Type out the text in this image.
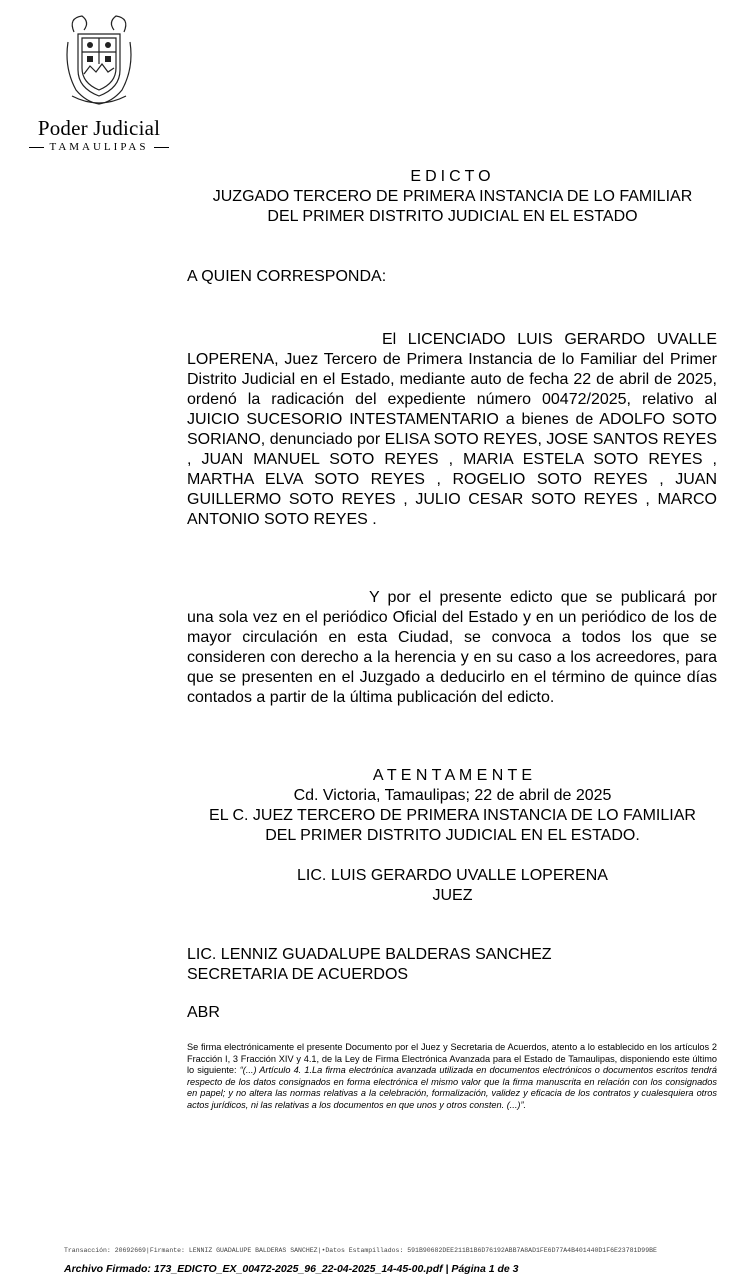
Poder Judicial
TAMAULIPAS
EDICTO
JUZGADO TERCERO DE PRIMERA INSTANCIA DE LO FAMILIAR
DEL PRIMER DISTRITO JUDICIAL EN EL ESTADO
A QUIEN CORRESPONDA:
El LICENCIADO LUIS GERARDO UVALLE LOPERENA, Juez Tercero de Primera Instancia de lo Familiar del Primer Distrito Judicial en el Estado, mediante auto de fecha 22 de abril de 2025, ordenó la radicación del expediente número 00472/2025, relativo al JUICIO SUCESORIO INTESTAMENTARIO a bienes de ADOLFO SOTO SORIANO, denunciado por ELISA SOTO REYES, JOSE SANTOS REYES , JUAN MANUEL SOTO REYES , MARIA ESTELA SOTO REYES , MARTHA ELVA SOTO REYES , ROGELIO SOTO REYES , JUAN GUILLERMO SOTO REYES , JULIO CESAR SOTO REYES , MARCO ANTONIO SOTO REYES .
Y por el presente edicto que se publicará por una sola vez en el periódico Oficial del Estado y en un periódico de los de mayor circulación en esta Ciudad, se convoca a todos los que se consideren con derecho a la herencia y en su caso a los acreedores, para que se presenten en el Juzgado a deducirlo en el término de quince días contados a partir de la última publicación del edicto.
A T E N T A M E N T E
Cd. Victoria, Tamaulipas; 22 de abril de 2025
EL C. JUEZ TERCERO DE PRIMERA INSTANCIA DE LO FAMILIAR
DEL PRIMER DISTRITO JUDICIAL EN EL ESTADO.
LIC. LUIS GERARDO UVALLE LOPERENA
JUEZ
LIC. LENNIZ GUADALUPE BALDERAS SANCHEZ
SECRETARIA DE ACUERDOS
ABR
Se firma electrónicamente el presente Documento por el Juez y Secretaria de Acuerdos, atento a lo establecido en los artículos 2 Fracción I, 3 Fracción XIV y 4.1, de la Ley de Firma Electrónica Avanzada para el Estado de Tamaulipas, disponiendo este último lo siguiente: “(...) Artículo 4. 1.La firma electrónica avanzada utilizada en documentos electrónicos o documentos escritos tendrá respecto de los datos consignados en forma electrónica el mismo valor que la firma manuscrita en relación con los consignados en papel; y no altera las normas relativas a la celebración, formalización, validez y eficacia de los contratos y cualesquiera otros actos jurídicos, ni las relativas a los documentos en que unos y otros consten. (...)”.
Transacción: 20692669|Firmante: LENNIZ GUADALUPE BALDERAS SANCHEZ|•Datos Estampillados: 591B90682DEE211B1B6D76192ABB7A8AD1FE6D77A4B401440D1F6E23781D99BE
Archivo Firmado: 173_EDICTO_EX_00472-2025_96_22-04-2025_14-45-00.pdf | Página 1 de 3
